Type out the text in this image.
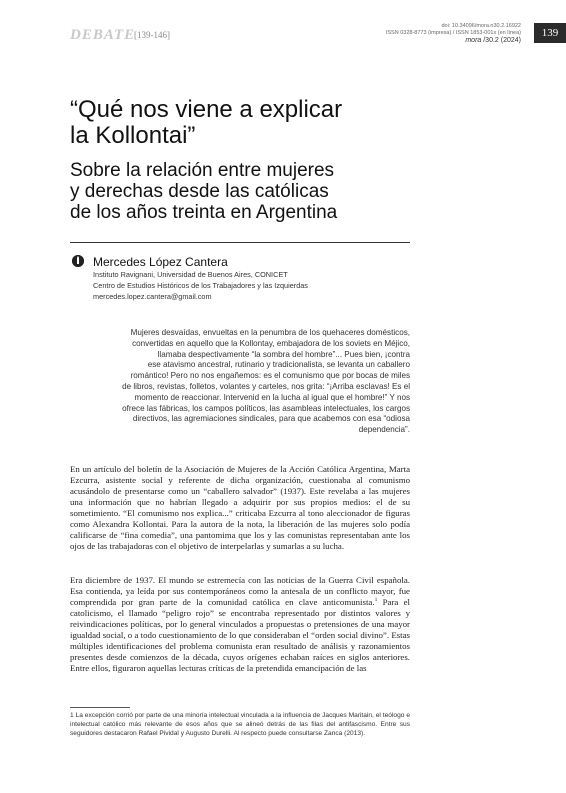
DEBATE
[139-146]
doi: 10.34096/mora.n30.2.16922
ISSN 0328-8773 (impresa) / ISSN 1853-001x (en línea)
mora /30.2 (2024)
139
“Qué nos viene a explicar
la Kollontai”
Sobre la relación entre mujeres
y derechas desde las católicas
de los años treinta en Argentina
Mercedes López Cantera
Instituto Ravignani, Universidad de Buenos Aires, CONICET
Centro de Estudios Históricos de los Trabajadores y las Izquierdas
mercedes.lopez.cantera@gmail.com
Mujeres desvaídas, envueltas en la penumbra de los quehaceres domésticos,
convertidas en aquello que la Kollontay, embajadora de los soviets en Méjico,
llamaba despectivamente “la sombra del hombre”... Pues bien, ¡contra
ese atavismo ancestral, rutinario y tradicionalista, se levanta un caballero
romántico! Pero no nos engañemos: es el comunismo que por bocas de miles
de libros, revistas, folletos, volantes y carteles, nos grita: “¡Arriba esclavas! Es el
momento de reaccionar. Intervenid en la lucha al igual que el hombre!” Y nos
ofrece las fábricas, los campos políticos, las asambleas intelectuales, los cargos
directivos, las agremiaciones sindicales, para que acabemos con esa “odiosa
dependencia”.
En un artículo del boletín de la Asociación de Mujeres de la Acción Católica Argentina, Marta Ezcurra, asistente social y referente de dicha organización, cuestionaba al comunismo acusándolo de presentarse como un “caballero salvador” (1937). Este revelaba a las mujeres una información que no habrían llegado a adquirir por sus propios medios: el de su sometimiento. “El comunismo nos explica...” criticaba Ezcurra al tono aleccionador de figuras como Alexandra Kollontai. Para la autora de la nota, la liberación de las mujeres solo podía calificarse de “fina comedia”, una pantomima que los y las comunistas representaban ante los ojos de las trabajadoras con el objetivo de interpelarlas y sumarlas a su lucha.
Era diciembre de 1937. El mundo se estremecía con las noticias de la Guerra Civil española. Esa contienda, ya leída por sus contemporáneos como la antesala de un conflicto mayor, fue comprendida por gran parte de la comunidad católica en clave anticomunista.$^1$ Para el catolicismo, el llamado “peligro rojo” se encontraba representado por distintos valores y reivindicaciones políticas, por lo general vinculados a propuestas o pretensiones de una mayor igualdad social, o a todo cuestionamiento de lo que consideraban el “orden social divino”. Estas múltiples identificaciones del problema comunista eran resultado de análisis y razonamientos presentes desde comienzos de la década, cuyos orígenes echaban raíces en siglos anteriores. Entre ellos, figuraron aquellas lecturas críticas de la pretendida emancipación de las
1 La excepción corrió por parte de una minoría intelectual vinculada a la influencia de Jacques Maritain, el teólogo e intelectual católico más relevante de esos años que se alineó detrás de las filas del antifascismo. Entre sus seguidores destacaron Rafael Pividal y Augusto Durelli. Al respecto puede consultarse Zanca (2013).
